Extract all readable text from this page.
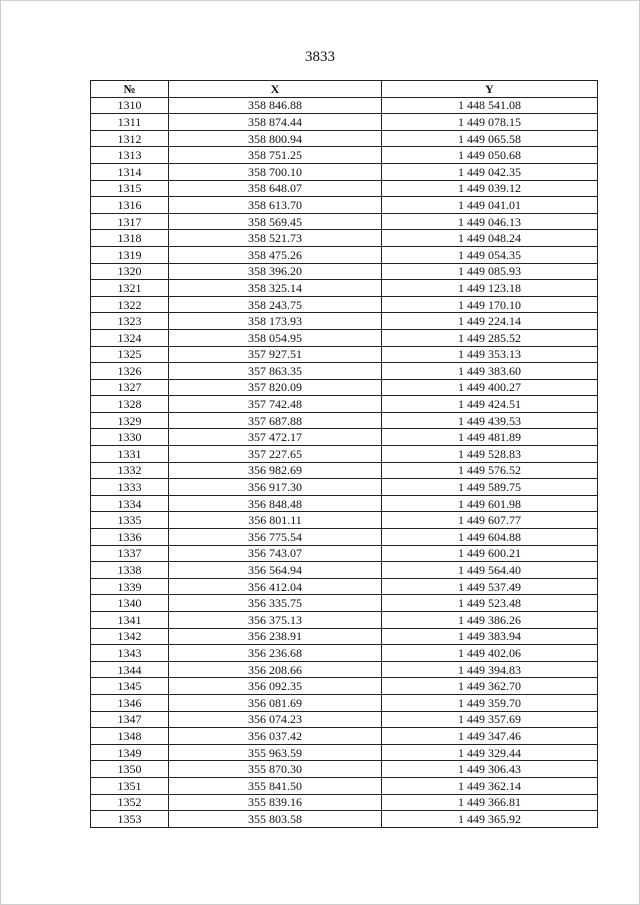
3833
№	X	Y
1310	358 846.88	1 448 541.08
1311	358 874.44	1 449 078.15
1312	358 800.94	1 449 065.58
1313	358 751.25	1 449 050.68
1314	358 700.10	1 449 042.35
1315	358 648.07	1 449 039.12
1316	358 613.70	1 449 041.01
1317	358 569.45	1 449 046.13
1318	358 521.73	1 449 048.24
1319	358 475.26	1 449 054.35
1320	358 396.20	1 449 085.93
1321	358 325.14	1 449 123.18
1322	358 243.75	1 449 170.10
1323	358 173.93	1 449 224.14
1324	358 054.95	1 449 285.52
1325	357 927.51	1 449 353.13
1326	357 863.35	1 449 383.60
1327	357 820.09	1 449 400.27
1328	357 742.48	1 449 424.51
1329	357 687.88	1 449 439.53
1330	357 472.17	1 449 481.89
1331	357 227.65	1 449 528.83
1332	356 982.69	1 449 576.52
1333	356 917.30	1 449 589.75
1334	356 848.48	1 449 601.98
1335	356 801.11	1 449 607.77
1336	356 775.54	1 449 604.88
1337	356 743.07	1 449 600.21
1338	356 564.94	1 449 564.40
1339	356 412.04	1 449 537.49
1340	356 335.75	1 449 523.48
1341	356 375.13	1 449 386.26
1342	356 238.91	1 449 383.94
1343	356 236.68	1 449 402.06
1344	356 208.66	1 449 394.83
1345	356 092.35	1 449 362.70
1346	356 081.69	1 449 359.70
1347	356 074.23	1 449 357.69
1348	356 037.42	1 449 347.46
1349	355 963.59	1 449 329.44
1350	355 870.30	1 449 306.43
1351	355 841.50	1 449 362.14
1352	355 839.16	1 449 366.81
1353	355 803.58	1 449 365.92
